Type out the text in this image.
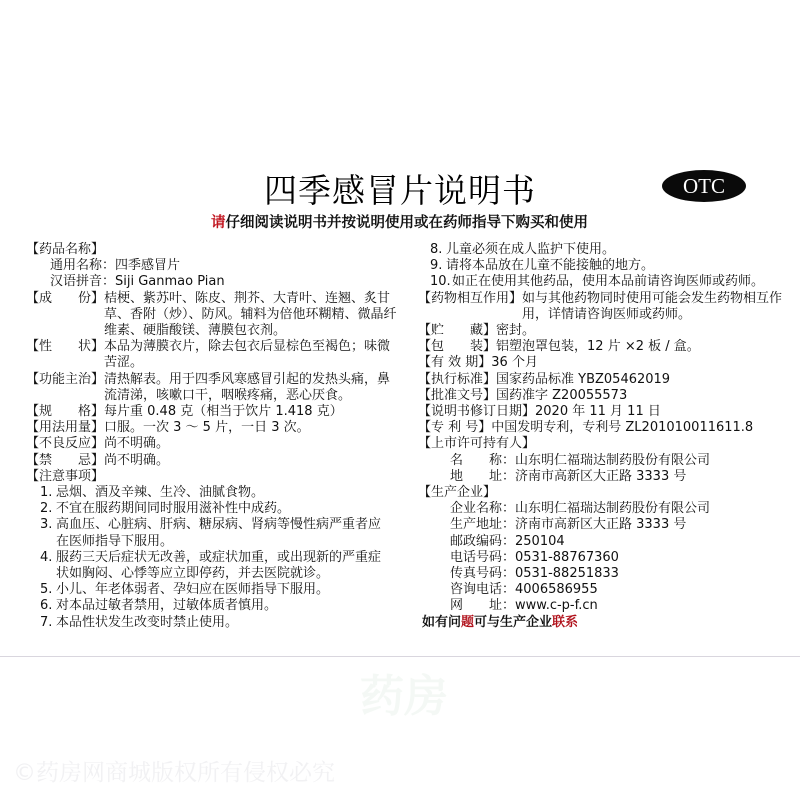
四季感冒片说明书	OTC
请仔细阅读说明书并按说明使用或在药师指导下购买和使用
【药品名称】
通用名称：四季感冒片
汉语拼音：Siji Ganmao Pian
【成　　份】 桔梗、紫苏叶、陈皮、荆芥、大青叶、连翘、炙甘
草、香附（炒）、防风。辅料为倍他环糊精、微晶纤
维素、硬脂酸镁、薄膜包衣剂。
【性　　状】 本品为薄膜衣片，除去包衣后显棕色至褐色；味微
苦涩。
【功能主治】 清热解表。用于四季风寒感冒引起的发热头痛，鼻
流清涕，咳嗽口干，咽喉疼痛，恶心厌食。
【规　　格】 每片重 0.48 克（相当于饮片 1.418 克）
【用法用量】 口服。一次 3 ～ 5 片，一日 3 次。
【不良反应】 尚不明确。
【禁　　忌】 尚不明确。
【注意事项】
1. 忌烟、酒及辛辣、生冷、油腻食物。
2. 不宜在服药期间同时服用滋补性中成药。
3. 高血压、心脏病、肝病、糖尿病、肾病等慢性病严重者应
在医师指导下服用。
4. 服药三天后症状无改善，或症状加重，或出现新的严重症
状如胸闷、心悸等应立即停药，并去医院就诊。
5. 小儿、年老体弱者、孕妇应在医师指导下服用。
6. 对本品过敏者禁用，过敏体质者慎用。
7. 本品性状发生改变时禁止使用。
8. 儿童必须在成人监护下使用。
9. 请将本品放在儿童不能接触的地方。
10. 如正在使用其他药品，使用本品前请咨询医师或药师。
【药物相互作用】 如与其他药物同时使用可能会发生药物相互作
用，详情请咨询医师或药师。
【贮　　藏】 密封。
【包　　装】 铝塑泡罩包装，12 片 ×2 板 / 盒。
【有 效 期】 36 个月
【执行标准】 国家药品标准 YBZ05462019
【批准文号】 国药准字 Z20055573
【说明书修订日期】 2020 年 11 月 11 日
【专 利 号】 中国发明专利，专利号 ZL201010011611.8
【上市许可持有人】
名　　称：山东明仁福瑞达制药股份有限公司
地　　址：济南市高新区大正路 3333 号
【生产企业】
企业名称：山东明仁福瑞达制药股份有限公司
生产地址：济南市高新区大正路 3333 号
邮政编码：250104
电话号码：0531-88767360
传真号码：0531-88251833
咨询电话：4006586955
网　　址：www.c-p-f.cn
如有问题可与生产企业联系
药房
©药房网商城版权所有侵权必究
